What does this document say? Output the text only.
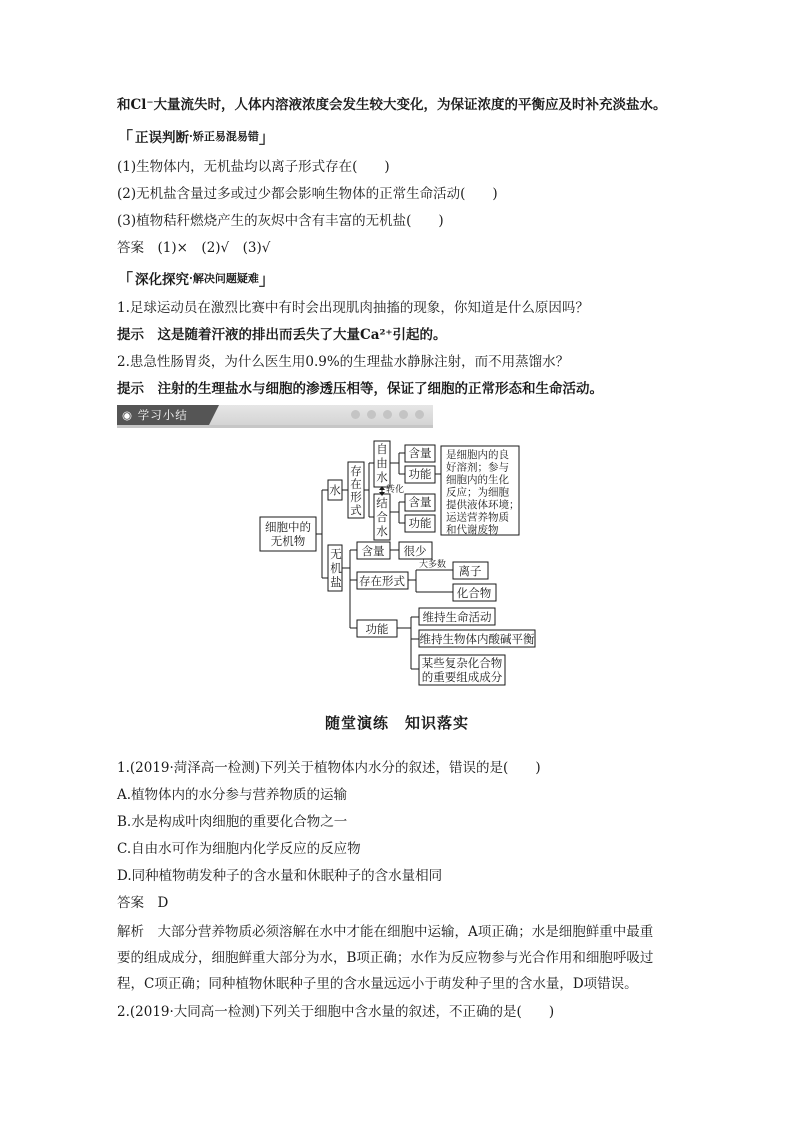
和Cl⁻大量流失时，人体内溶液浓度会发生较大变化，为保证浓度的平衡应及时补充淡盐水。
「 正误判断 ·矫正易混易错 」
(1)生物体内，无机盐均以离子形式存在(　　)
(2)无机盐含量过多或过少都会影响生物体的正常生命活动(　　)
(3)植物秸秆燃烧产生的灰烬中含有丰富的无机盐(　　)
答案　(1)×　(2)√　(3)√
「 深化探究 ·解决问题疑难 」
1.足球运动员在激烈比赛中有时会出现肌肉抽搐的现象，你知道是什么原因吗？
提示　这是随着汗液的排出而丢失了大量Ca²⁺引起的。
2.患急性肠胃炎，为什么医生用0.9%的生理盐水静脉注射，而不用蒸馏水？
提示　注射的生理盐水与细胞的渗透压相等，保证了细胞的正常形态和生命活动。
◉
学习小结
细胞中的
无机物
水
存
在
形
式
自
由
水
结
合
水
含量
功能
含量
功能
无
机
盐
含量 很少
存在形式
离子
化合物
功能
维持生命活动
维持生物体内酸碱平衡
某些复杂化合物
的重要组成成分
转化
大多数
是细胞内的良
好溶剂；参与
细胞内的生化
反应；为细胞
提供液体环境；
运送营养物质
和代谢废物
随堂演练　知识落实
1.(2019·菏泽高一检测)下列关于植物体内水分的叙述，错误的是(　　)
A.植物体内的水分参与营养物质的运输
B.水是构成叶肉细胞的重要化合物之一
C.自由水可作为细胞内化学反应的反应物
D.同种植物萌发种子的含水量和休眠种子的含水量相同
答案　D
解析　大部分营养物质必须溶解在水中才能在细胞中运输，A项正确；水是细胞鲜重中最重
要的组成成分，细胞鲜重大部分为水，B项正确；水作为反应物参与光合作用和细胞呼吸过
程，C项正确；同种植物休眠种子里的含水量远远小于萌发种子里的含水量，D项错误。
2.(2019·大同高一检测)下列关于细胞中含水量的叙述，不正确的是(　　)
